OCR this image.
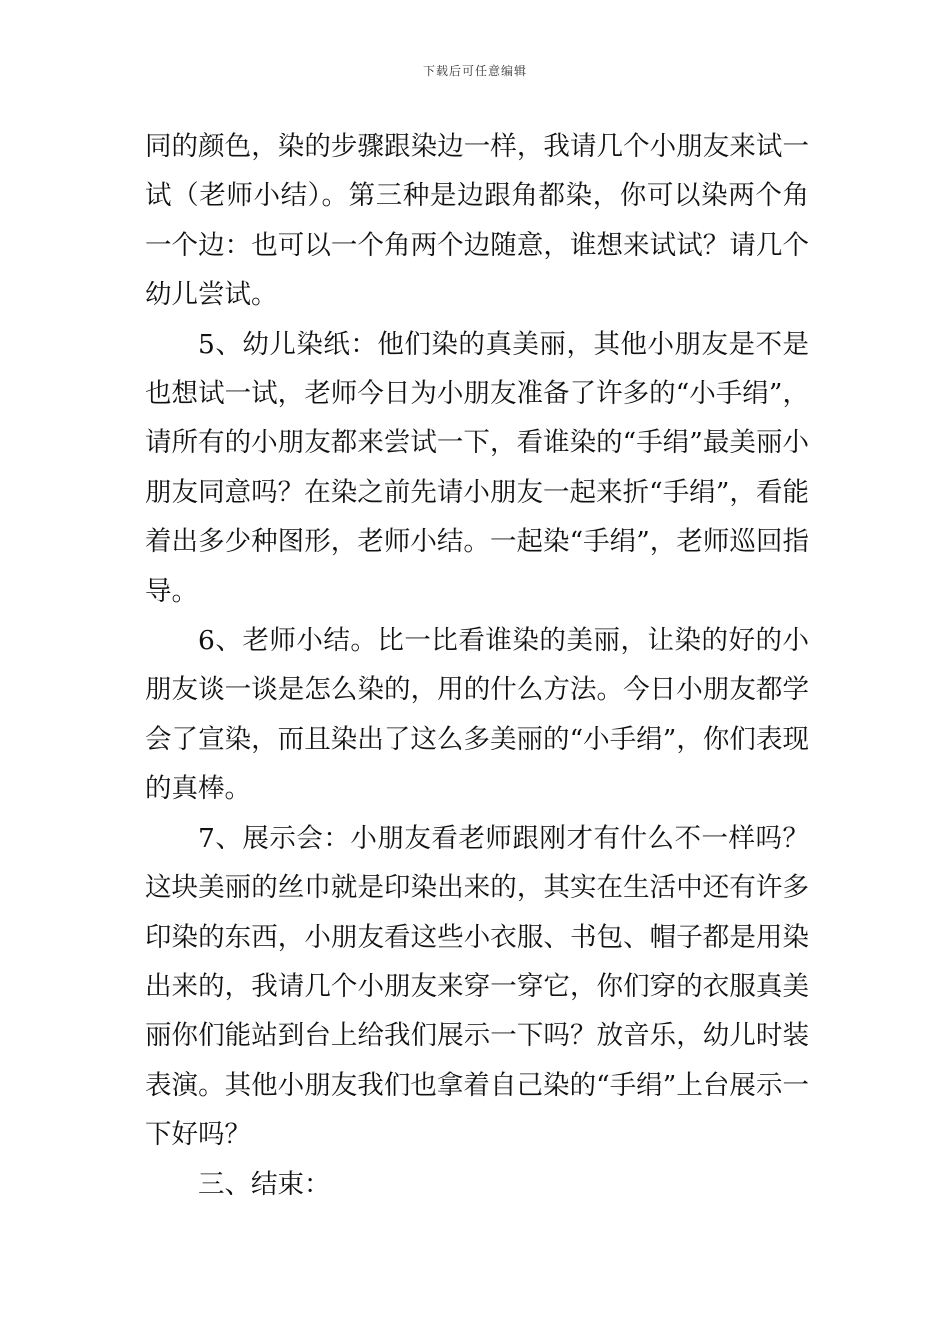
下载后可任意编辑

同的颜色，染的步骤跟染边一样，我请几个小朋友来试一试（老师小结）。第三种是边跟角都染，你可以染两个角一个边：也可以一个角两个边随意，谁想来试试？请几个幼儿尝试。

5、幼儿染纸：他们染的真美丽，其他小朋友是不是也想试一试，老师今日为小朋友准备了许多的“小手绢”，请所有的小朋友都来尝试一下，看谁染的“手绢”最美丽小朋友同意吗？在染之前先请小朋友一起来折“手绢”，看能着出多少种图形，老师小结。一起染“手绢”，老师巡回指导。

6、老师小结。比一比看谁染的美丽，让染的好的小朋友谈一谈是怎么染的，用的什么方法。今日小朋友都学会了宣染，而且染出了这么多美丽的“小手绢”，你们表现的真棒。

7、展示会：小朋友看老师跟刚才有什么不一样吗？这块美丽的丝巾就是印染出来的，其实在生活中还有许多印染的东西，小朋友看这些小衣服、书包、帽子都是用染出来的，我请几个小朋友来穿一穿它，你们穿的衣服真美丽你们能站到台上给我们展示一下吗？放音乐，幼儿时装表演。其他小朋友我们也拿着自己染的“手绢”上台展示一下好吗？

三、结束：
